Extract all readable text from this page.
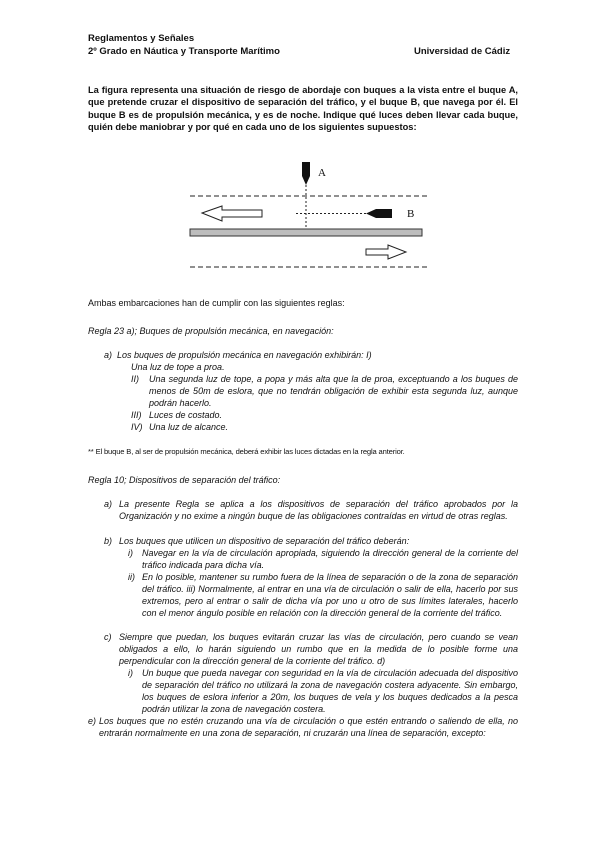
Reglamentos y Señales
2º Grado en Náutica y Transporte Marítimo	Universidad de Cádiz
La figura representa una situación de riesgo de abordaje con buques a la vista entre el buque A, que pretende cruzar el dispositivo de separación del tráfico, y el buque B, que navega por él. El buque B es de propulsión mecánica, y es de noche. Indique qué luces deben llevar cada buque, quién debe maniobrar y por qué en cada uno de los siguientes supuestos:
A
B
Ambas embarcaciones han de cumplir con las siguientes reglas:
Regla 23 a); Buques de propulsión mecánica, en navegación:
a) Los buques de propulsión mecánica en navegación exhibirán: I)
Una luz de tope a proa.
II) Una segunda luz de tope, a popa y más alta que la de proa, exceptuando a los buques de menos de 50m de eslora, que no tendrán obligación de exhibir esta segunda luz, aunque podrán hacerlo.
III) Luces de costado.
IV) Una luz de alcance.
** El buque B, al ser de propulsión mecánica, deberá exhibir las luces dictadas en la regla anterior.
Regla 10; Dispositivos de separación del tráfico:
a) La presente Regla se aplica a los dispositivos de separación del tráfico aprobados por la Organización y no exime a ningún buque de las obligaciones contraídas en virtud de otras reglas.
b) Los buques que utilicen un dispositivo de separación del tráfico deberán:
i) Navegar en la vía de circulación apropiada, siguiendo la dirección general de la corriente del tráfico indicada para dicha vía.
ii) En lo posible, mantener su rumbo fuera de la línea de separación o de la zona de separación del tráfico. iii) Normalmente, al entrar en una vía de circulación o salir de ella, hacerlo por sus extremos, pero al entrar o salir de dicha vía por uno u otro de sus límites laterales, hacerlo con el menor ángulo posible en relación con la dirección general de la corriente del tráfico.
c) Siempre que puedan, los buques evitarán cruzar las vías de circulación, pero cuando se vean obligados a ello, lo harán siguiendo un rumbo que en la medida de lo posible forme una perpendicular con la dirección general de la corriente del tráfico. d)
i) Un buque que pueda navegar con seguridad en la vía de circulación adecuada del dispositivo de separación del tráfico no utilizará la zona de navegación costera adyacente. Sin embargo, los buques de eslora inferior a 20m, los buques de vela y los buques dedicados a la pesca podrán utilizar la zona de navegación costera.
e) Los buques que no estén cruzando una vía de circulación o que estén entrando o saliendo de ella, no entrarán normalmente en una zona de separación, ni cruzarán una línea de separación, excepto:
